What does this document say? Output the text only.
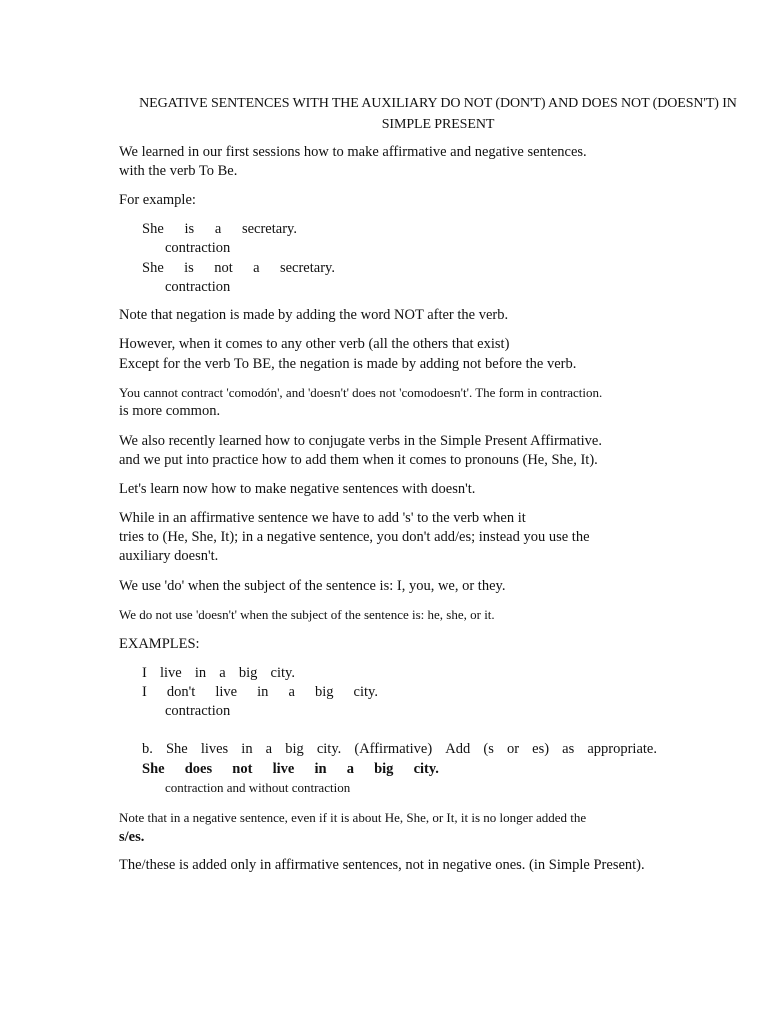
NEGATIVE SENTENCES WITH THE AUXILIARY DO NOT (DON'T) AND DOES NOT (DOESN'T) IN
SIMPLE PRESENT
We learned in our first sessions how to make affirmative and negative sentences.
with the verb To Be.
For example:
She is a secretary.
contraction
She is not a secretary.
contraction
Note that negation is made by adding the word NOT after the verb.
However, when it comes to any other verb (all the others that exist)
Except for the verb To BE, the negation is made by adding not before the verb.
You cannot contract 'comodón', and 'doesn't' does not 'comodoesn't'. The form in contraction.
is more common.
We also recently learned how to conjugate verbs in the Simple Present Affirmative.
and we put into practice how to add them when it comes to pronouns (He, She, It).
Let's learn now how to make negative sentences with doesn't.
While in an affirmative sentence we have to add 's' to the verb when it
tries to (He, She, It); in a negative sentence, you don't add/es; instead you use the
auxiliary doesn't.
We use 'do' when the subject of the sentence is: I, you, we, or they.
We do not use 'doesn't' when the subject of the sentence is: he, she, or it.
EXAMPLES:
I live in a big city.
I don't live in a big city.
contraction
b. She lives in a big city. (Affirmative) Add (s or es) as appropriate.
She does not live in a big city.
contraction and without contraction
Note that in a negative sentence, even if it is about He, She, or It, it is no longer added the
s/es.
The/these is added only in affirmative sentences, not in negative ones. (in Simple Present).
